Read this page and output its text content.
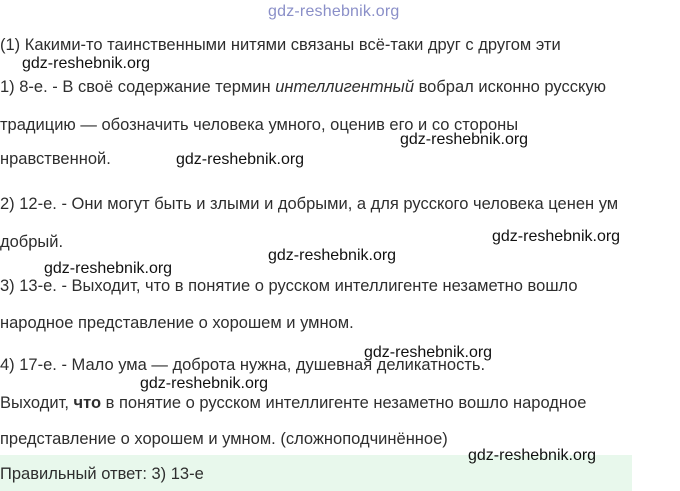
gdz-reshebnik.org
(1) Какими-то таинственными нитями связаны всё-таки друг с другом эти
gdz-reshebnik.org
1) 8-е. - В своё содержание термин интеллигентный вобрал исконно русскую
традицию — обозначить человека умного, оценив его и со стороны
gdz-reshebnik.org
нравственной.	gdz-reshebnik.org
2) 12-е. - Они могут быть и злыми и добрыми, а для русского человека ценен ум
добрый.	gdz-reshebnik.org
gdz-reshebnik.org
gdz-reshebnik.org
3) 13-е. - Выходит, что в понятие о русском интеллигенте незаметно вошло
народное представление о хорошем и умном.
gdz-reshebnik.org
4) 17-е. - Мало ума — доброта нужна, душевная деликатность.
gdz-reshebnik.org
Выходит, что в понятие о русском интеллигенте незаметно вошло народное
представление о хорошем и умном. (сложноподчинённое)
Правильный ответ: 3) 13-е
gdz-reshebnik.org
